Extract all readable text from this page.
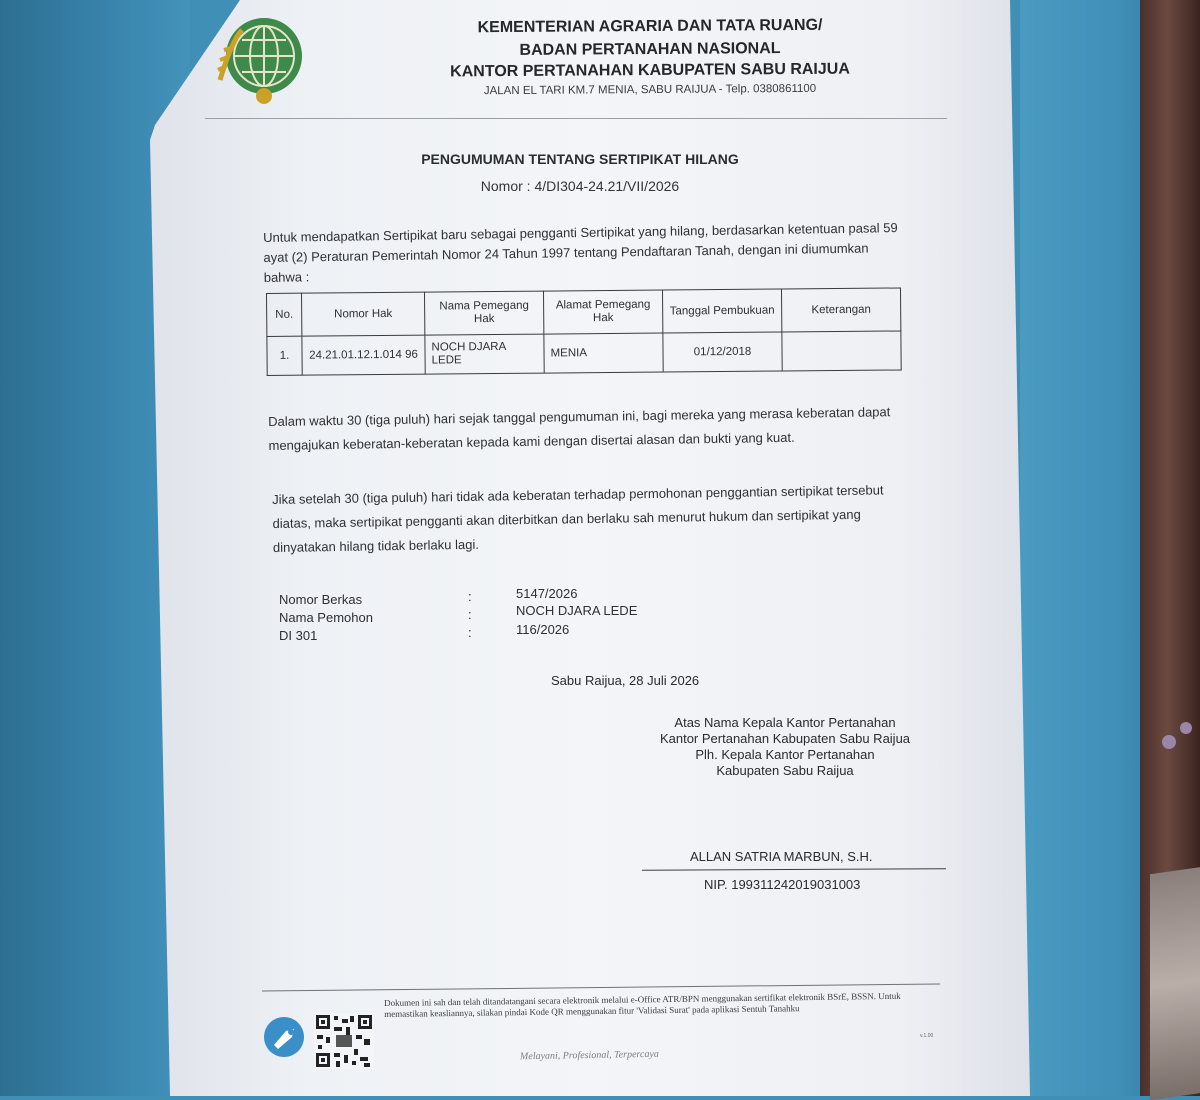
KEMENTERIAN AGRARIA DAN TATA RUANG/
BADAN PERTANAHAN NASIONAL
KANTOR PERTANAHAN KABUPATEN SABU RAIJUA
JALAN EL TARI KM.7 MENIA, SABU RAIJUA - Telp. 0380861100
PENGUMUMAN TENTANG SERTIPIKAT HILANG
Nomor : 4/DI304-24.21/VII/2026
Untuk mendapatkan Sertipikat baru sebagai pengganti Sertipikat yang hilang, berdasarkan ketentuan pasal 59 ayat (2) Peraturan Pemerintah Nomor 24 Tahun 1997 tentang Pendaftaran Tanah, dengan ini diumumkan bahwa :
No.	Nomor Hak	Nama Pemegang Hak	Alamat Pemegang Hak	Tanggal Pembukuan	Keterangan
1.	24.21.01.12.1.014 96	NOCH DJARA LEDE	MENIA	01/12/2018	
Dalam waktu 30 (tiga puluh) hari sejak tanggal pengumuman ini, bagi mereka yang merasa keberatan dapat mengajukan keberatan-keberatan kepada kami dengan disertai alasan dan bukti yang kuat.
Jika setelah 30 (tiga puluh) hari tidak ada keberatan terhadap permohonan penggantian sertipikat tersebut diatas, maka sertipikat pengganti akan diterbitkan dan berlaku sah menurut hukum dan sertipikat yang dinyatakan hilang tidak berlaku lagi.
Nomor Berkas	:	5147/2026
Nama Pemohon	:	NOCH DJARA LEDE
DI 301	:	116/2026
Sabu Raijua, 28 Juli 2026
Atas Nama Kepala Kantor Pertanahan
Kantor Pertanahan Kabupaten Sabu Raijua
Plh. Kepala Kantor Pertanahan
Kabupaten Sabu Raijua
ALLAN SATRIA MARBUN, S.H.
NIP. 199311242019031003
Dokumen ini sah dan telah ditandatangani secara elektronik melalui e-Office ATR/BPN menggunakan sertifikat elektronik BSrE, BSSN. Untuk memastikan keasliannya, silakan pindai Kode QR menggunakan fitur 'Validasi Surat' pada aplikasi Sentuh Tanahku
Melayani, Profesional, Terpercaya
v.1.00
